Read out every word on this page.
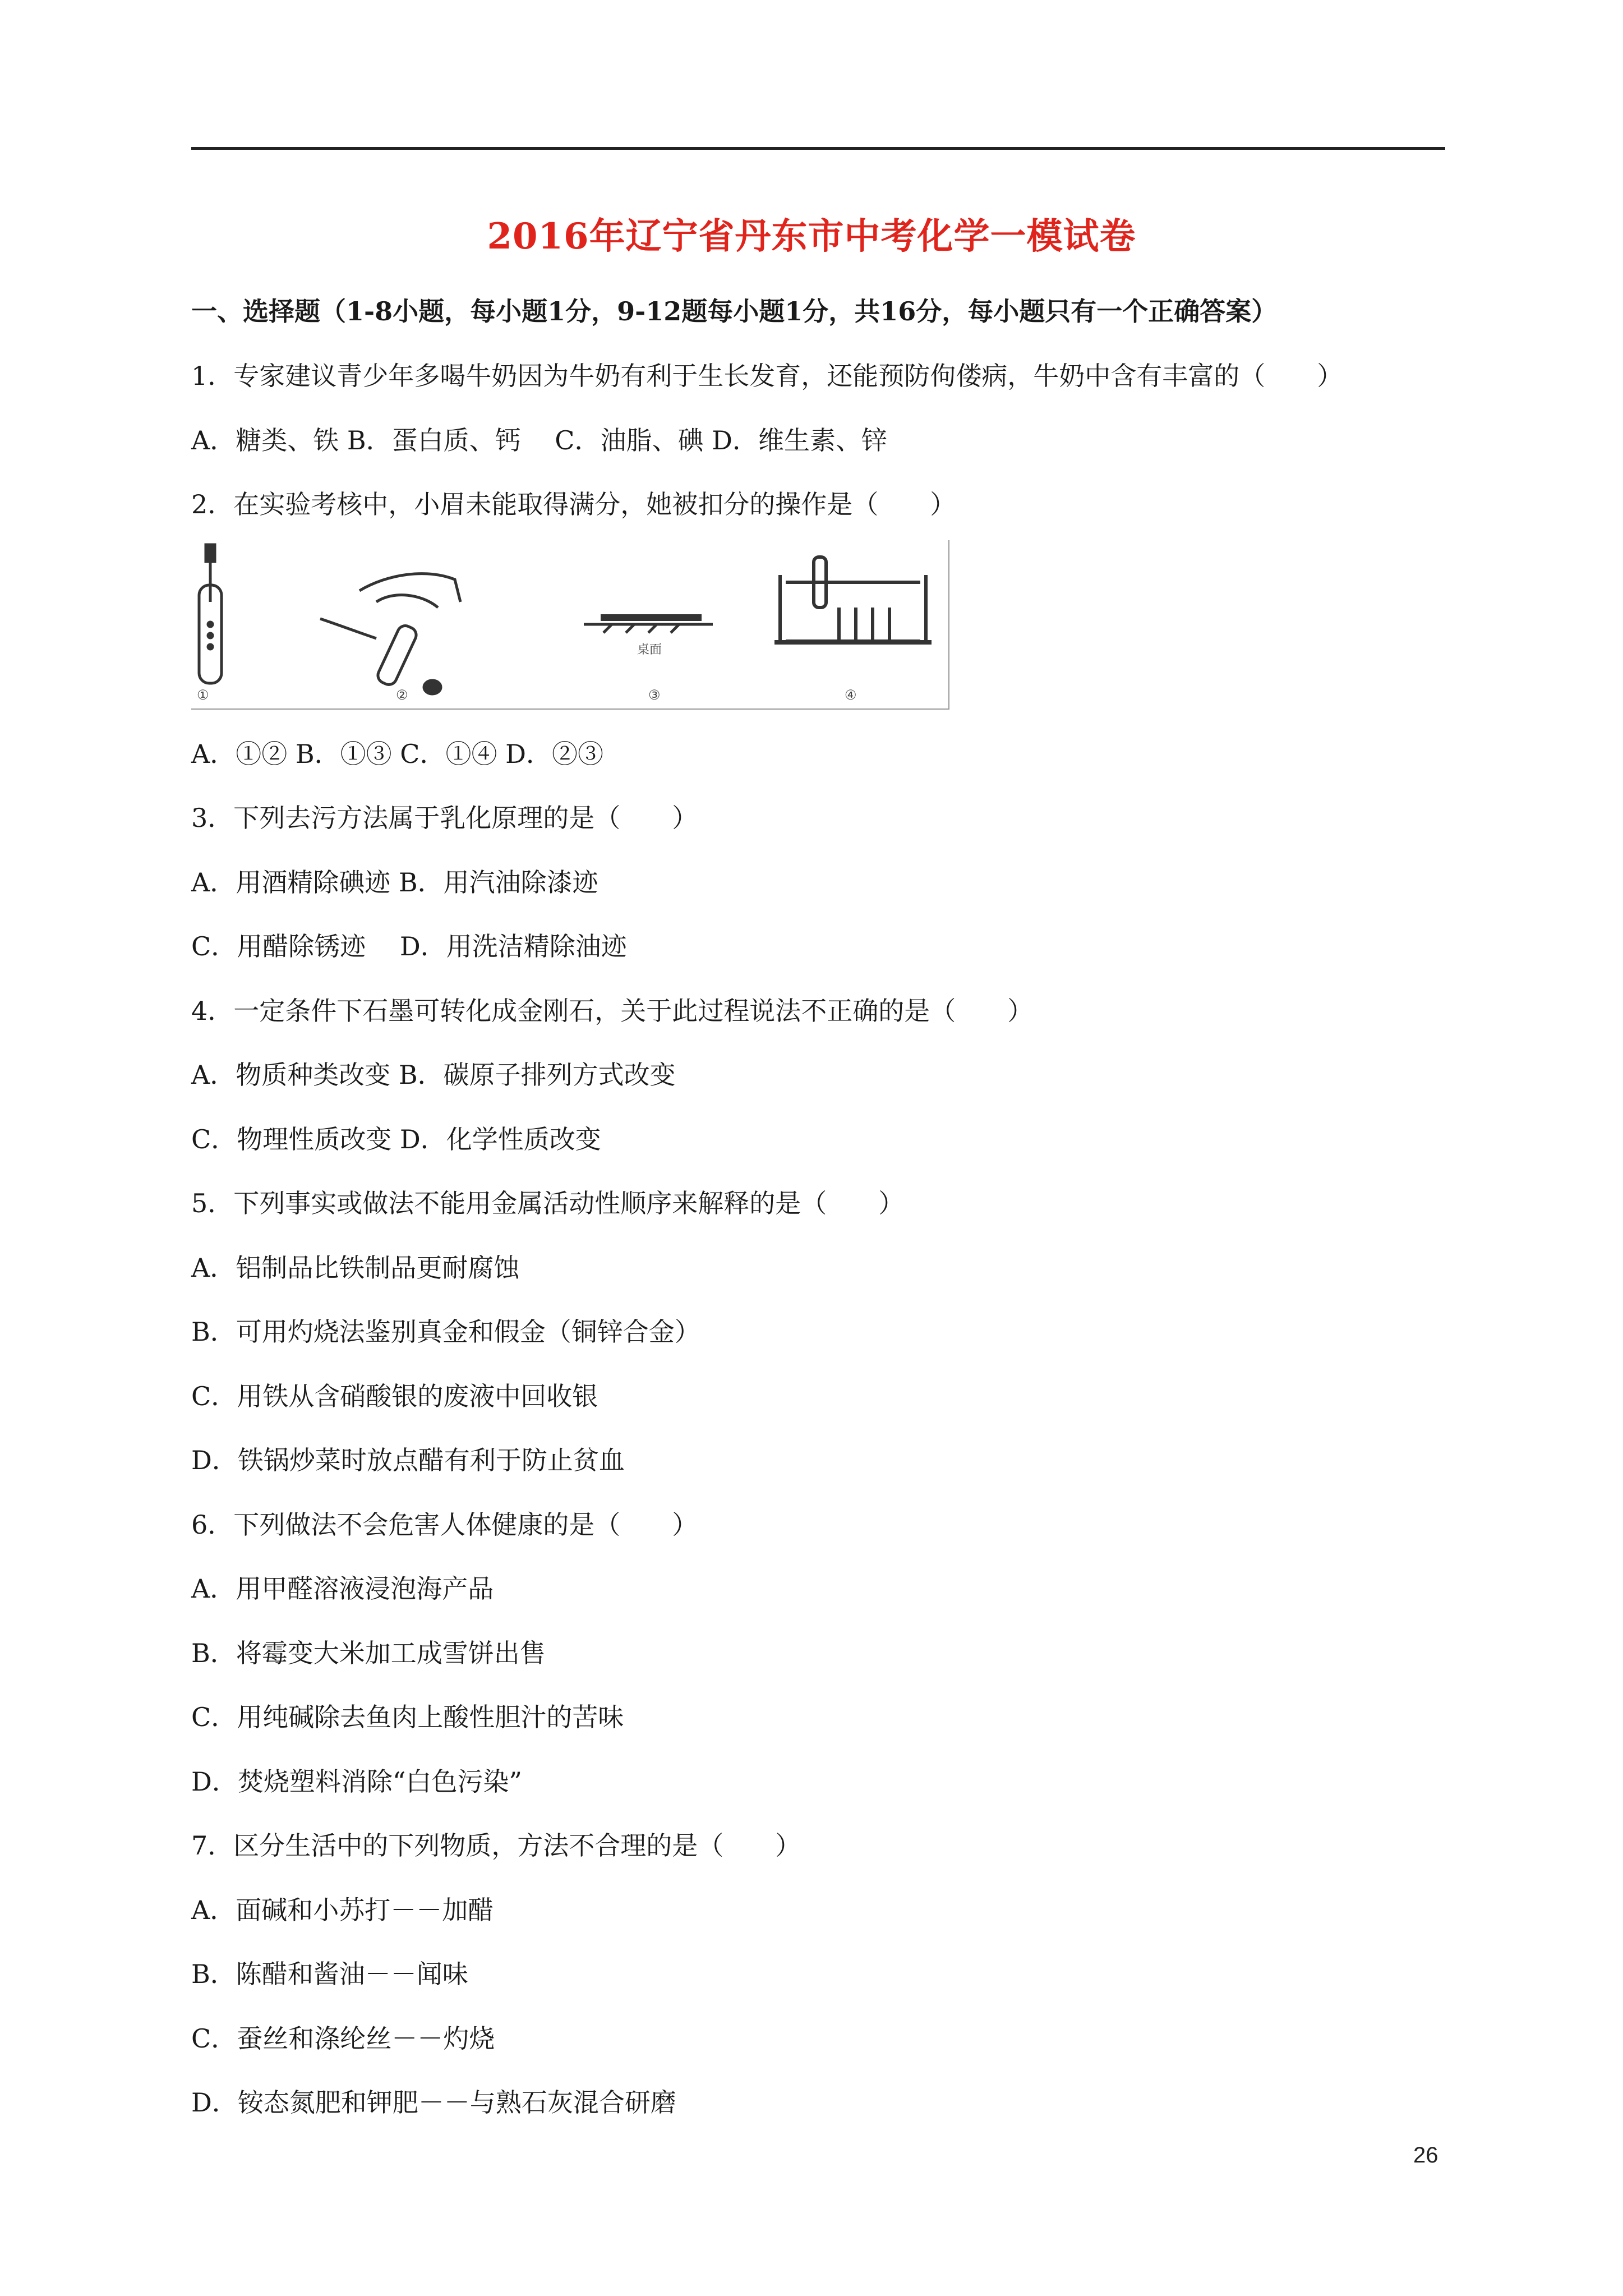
2016年辽宁省丹东市中考化学一模试卷
一、选择题（1-8小题，每小题1分，9-12题每小题1分，共16分，每小题只有一个正确答案）
1．专家建议青少年多喝牛奶因为牛奶有利于生长发育，还能预防佝偻病，牛奶中含有丰富的（　　）
A．糖类、铁 B．蛋白质、钙　 C．油脂、碘 D．维生素、锌
2．在实验考核中，小眉未能取得满分，她被扣分的操作是（　　）
桌面
①	②	③	④
A．①② B．①③ C．①④ D．②③
3．下列去污方法属于乳化原理的是（　　）
A．用酒精除碘迹 B．用汽油除漆迹
C．用醋除锈迹　 D．用洗洁精除油迹
4．一定条件下石墨可转化成金刚石，关于此过程说法不正确的是（　　）
A．物质种类改变 B．碳原子排列方式改变
C．物理性质改变 D．化学性质改变
5．下列事实或做法不能用金属活动性顺序来解释的是（　　）
A．铝制品比铁制品更耐腐蚀
B．可用灼烧法鉴别真金和假金（铜锌合金）
C．用铁从含硝酸银的废液中回收银
D．铁锅炒菜时放点醋有利于防止贫血
6．下列做法不会危害人体健康的是（　　）
A．用甲醛溶液浸泡海产品
B．将霉变大米加工成雪饼出售
C．用纯碱除去鱼肉上酸性胆汁的苦味
D．焚烧塑料消除“白色污染”
7．区分生活中的下列物质，方法不合理的是（　　）
A．面碱和小苏打－－加醋
B．陈醋和酱油－－闻味
C．蚕丝和涤纶丝－－灼烧
D．铵态氮肥和钾肥－－与熟石灰混合研磨
26
